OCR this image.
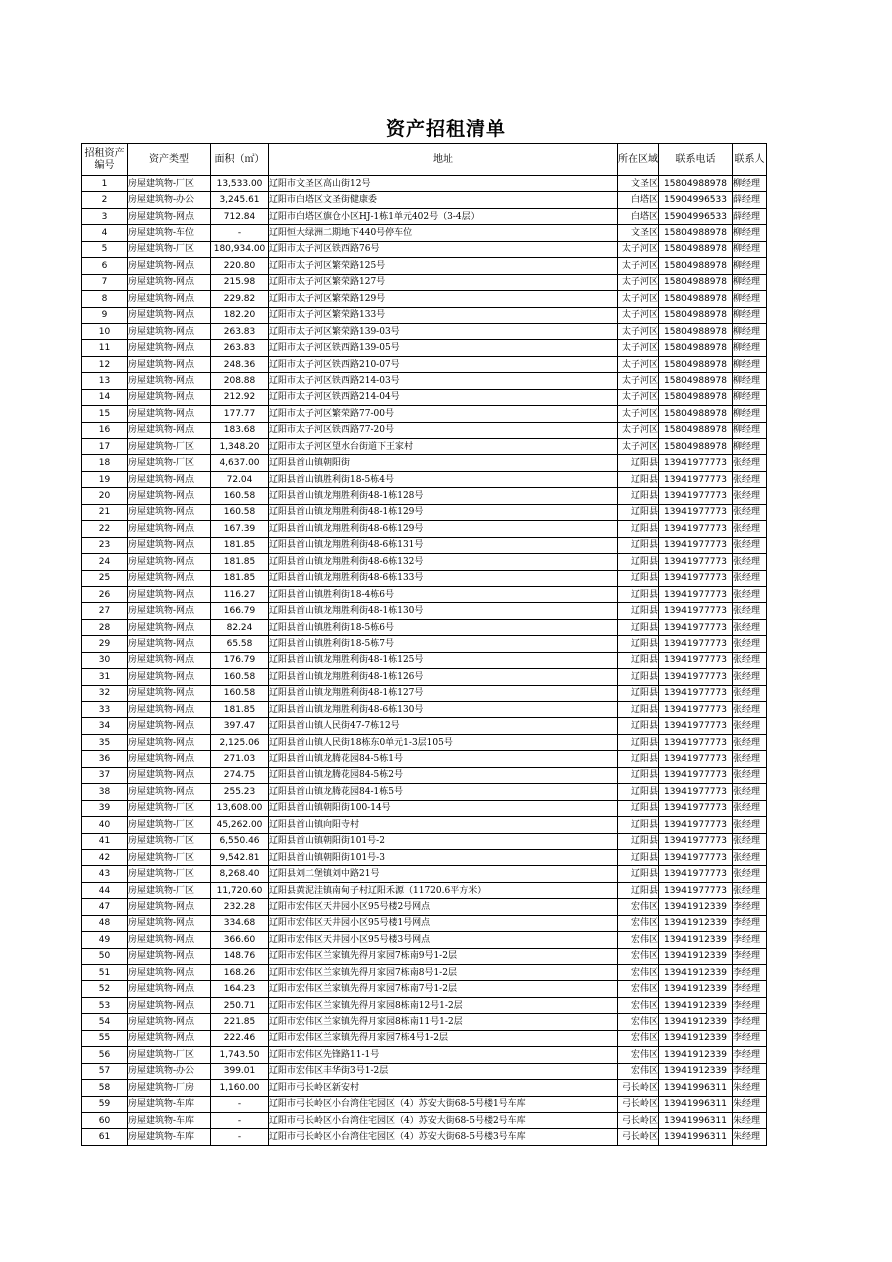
资产招租清单
招租资产编号	资产类型	面积（㎡）	地址	所在区域	联系电话	联系人
1	房屋建筑物-厂区	13,533.00	辽阳市文圣区高山街12号	文圣区	15804988978	柳经理
2	房屋建筑物-办公	3,245.61	辽阳市白塔区文圣街健康委	白塔区	15904996533	薛经理
3	房屋建筑物-网点	712.84	辽阳市白塔区旗仓小区HJ-1栋1单元402号（3-4层）	白塔区	15904996533	薛经理
4	房屋建筑物-车位	-	辽阳恒大绿洲二期地下440号停车位	文圣区	15804988978	柳经理
5	房屋建筑物-厂区	180,934.00	辽阳市太子河区铁西路76号	太子河区	15804988978	柳经理
6	房屋建筑物-网点	220.80	辽阳市太子河区繁荣路125号	太子河区	15804988978	柳经理
7	房屋建筑物-网点	215.98	辽阳市太子河区繁荣路127号	太子河区	15804988978	柳经理
8	房屋建筑物-网点	229.82	辽阳市太子河区繁荣路129号	太子河区	15804988978	柳经理
9	房屋建筑物-网点	182.20	辽阳市太子河区繁荣路133号	太子河区	15804988978	柳经理
10	房屋建筑物-网点	263.83	辽阳市太子河区繁荣路139-03号	太子河区	15804988978	柳经理
11	房屋建筑物-网点	263.83	辽阳市太子河区铁西路139-05号	太子河区	15804988978	柳经理
12	房屋建筑物-网点	248.36	辽阳市太子河区铁西路210-07号	太子河区	15804988978	柳经理
13	房屋建筑物-网点	208.88	辽阳市太子河区铁西路214-03号	太子河区	15804988978	柳经理
14	房屋建筑物-网点	212.92	辽阳市太子河区铁西路214-04号	太子河区	15804988978	柳经理
15	房屋建筑物-网点	177.77	辽阳市太子河区繁荣路77-00号	太子河区	15804988978	柳经理
16	房屋建筑物-网点	183.68	辽阳市太子河区铁西路77-20号	太子河区	15804988978	柳经理
17	房屋建筑物-厂区	1,348.20	辽阳市太子河区望水台街道下王家村	太子河区	15804988978	柳经理
18	房屋建筑物-厂区	4,637.00	辽阳县首山镇朝阳街	辽阳县	13941977773	张经理
19	房屋建筑物-网点	72.04	辽阳县首山镇胜利街18-5栋4号	辽阳县	13941977773	张经理
20	房屋建筑物-网点	160.58	辽阳县首山镇龙翔胜利街48-1栋128号	辽阳县	13941977773	张经理
21	房屋建筑物-网点	160.58	辽阳县首山镇龙翔胜利街48-1栋129号	辽阳县	13941977773	张经理
22	房屋建筑物-网点	167.39	辽阳县首山镇龙翔胜利街48-6栋129号	辽阳县	13941977773	张经理
23	房屋建筑物-网点	181.85	辽阳县首山镇龙翔胜利街48-6栋131号	辽阳县	13941977773	张经理
24	房屋建筑物-网点	181.85	辽阳县首山镇龙翔胜利街48-6栋132号	辽阳县	13941977773	张经理
25	房屋建筑物-网点	181.85	辽阳县首山镇龙翔胜利街48-6栋133号	辽阳县	13941977773	张经理
26	房屋建筑物-网点	116.27	辽阳县首山镇胜利街18-4栋6号	辽阳县	13941977773	张经理
27	房屋建筑物-网点	166.79	辽阳县首山镇龙翔胜利街48-1栋130号	辽阳县	13941977773	张经理
28	房屋建筑物-网点	82.24	辽阳县首山镇胜利街18-5栋6号	辽阳县	13941977773	张经理
29	房屋建筑物-网点	65.58	辽阳县首山镇胜利街18-5栋7号	辽阳县	13941977773	张经理
30	房屋建筑物-网点	176.79	辽阳县首山镇龙翔胜利街48-1栋125号	辽阳县	13941977773	张经理
31	房屋建筑物-网点	160.58	辽阳县首山镇龙翔胜利街48-1栋126号	辽阳县	13941977773	张经理
32	房屋建筑物-网点	160.58	辽阳县首山镇龙翔胜利街48-1栋127号	辽阳县	13941977773	张经理
33	房屋建筑物-网点	181.85	辽阳县首山镇龙翔胜利街48-6栋130号	辽阳县	13941977773	张经理
34	房屋建筑物-网点	397.47	辽阳县首山镇人民街47-7栋12号	辽阳县	13941977773	张经理
35	房屋建筑物-网点	2,125.06	辽阳县首山镇人民街18栋东0单元1-3层105号	辽阳县	13941977773	张经理
36	房屋建筑物-网点	271.03	辽阳县首山镇龙腾花园84-5栋1号	辽阳县	13941977773	张经理
37	房屋建筑物-网点	274.75	辽阳县首山镇龙腾花园84-5栋2号	辽阳县	13941977773	张经理
38	房屋建筑物-网点	255.23	辽阳县首山镇龙腾花园84-1栋5号	辽阳县	13941977773	张经理
39	房屋建筑物-厂区	13,608.00	辽阳县首山镇朝阳街100-14号	辽阳县	13941977773	张经理
40	房屋建筑物-厂区	45,262.00	辽阳县首山镇向阳寺村	辽阳县	13941977773	张经理
41	房屋建筑物-厂区	6,550.46	辽阳县首山镇朝阳街101号-2	辽阳县	13941977773	张经理
42	房屋建筑物-厂区	9,542.81	辽阳县首山镇朝阳街101号-3	辽阳县	13941977773	张经理
43	房屋建筑物-厂区	8,268.40	辽阳县刘二堡镇刘中路21号	辽阳县	13941977773	张经理
44	房屋建筑物-厂区	11,720.60	辽阳县黄泥洼镇南甸子村辽阳禾源（11720.6平方米）	辽阳县	13941977773	张经理
47	房屋建筑物-网点	232.28	辽阳市宏伟区天井园小区95号楼2号网点	宏伟区	13941912339	李经理
48	房屋建筑物-网点	334.68	辽阳市宏伟区天井园小区95号楼1号网点	宏伟区	13941912339	李经理
49	房屋建筑物-网点	366.60	辽阳市宏伟区天井园小区95号楼3号网点	宏伟区	13941912339	李经理
50	房屋建筑物-网点	148.76	辽阳市宏伟区兰家镇先得月家园7栋南9号1-2层	宏伟区	13941912339	李经理
51	房屋建筑物-网点	168.26	辽阳市宏伟区兰家镇先得月家园7栋南8号1-2层	宏伟区	13941912339	李经理
52	房屋建筑物-网点	164.23	辽阳市宏伟区兰家镇先得月家园7栋南7号1-2层	宏伟区	13941912339	李经理
53	房屋建筑物-网点	250.71	辽阳市宏伟区兰家镇先得月家园8栋南12号1-2层	宏伟区	13941912339	李经理
54	房屋建筑物-网点	221.85	辽阳市宏伟区兰家镇先得月家园8栋南11号1-2层	宏伟区	13941912339	李经理
55	房屋建筑物-网点	222.46	辽阳市宏伟区兰家镇先得月家园7栋4号1-2层	宏伟区	13941912339	李经理
56	房屋建筑物-厂区	1,743.50	辽阳市宏伟区先锋路11-1号	宏伟区	13941912339	李经理
57	房屋建筑物-办公	399.01	辽阳市宏伟区丰华街3号1-2层	宏伟区	13941912339	李经理
58	房屋建筑物-厂房	1,160.00	辽阳市弓长岭区新安村	弓长岭区	13941996311	朱经理
59	房屋建筑物-车库	-	辽阳市弓长岭区小台湾住宅园区（4）苏安大街68-5号楼1号车库	弓长岭区	13941996311	朱经理
60	房屋建筑物-车库	-	辽阳市弓长岭区小台湾住宅园区（4）苏安大街68-5号楼2号车库	弓长岭区	13941996311	朱经理
61	房屋建筑物-车库	-	辽阳市弓长岭区小台湾住宅园区（4）苏安大街68-5号楼3号车库	弓长岭区	13941996311	朱经理
